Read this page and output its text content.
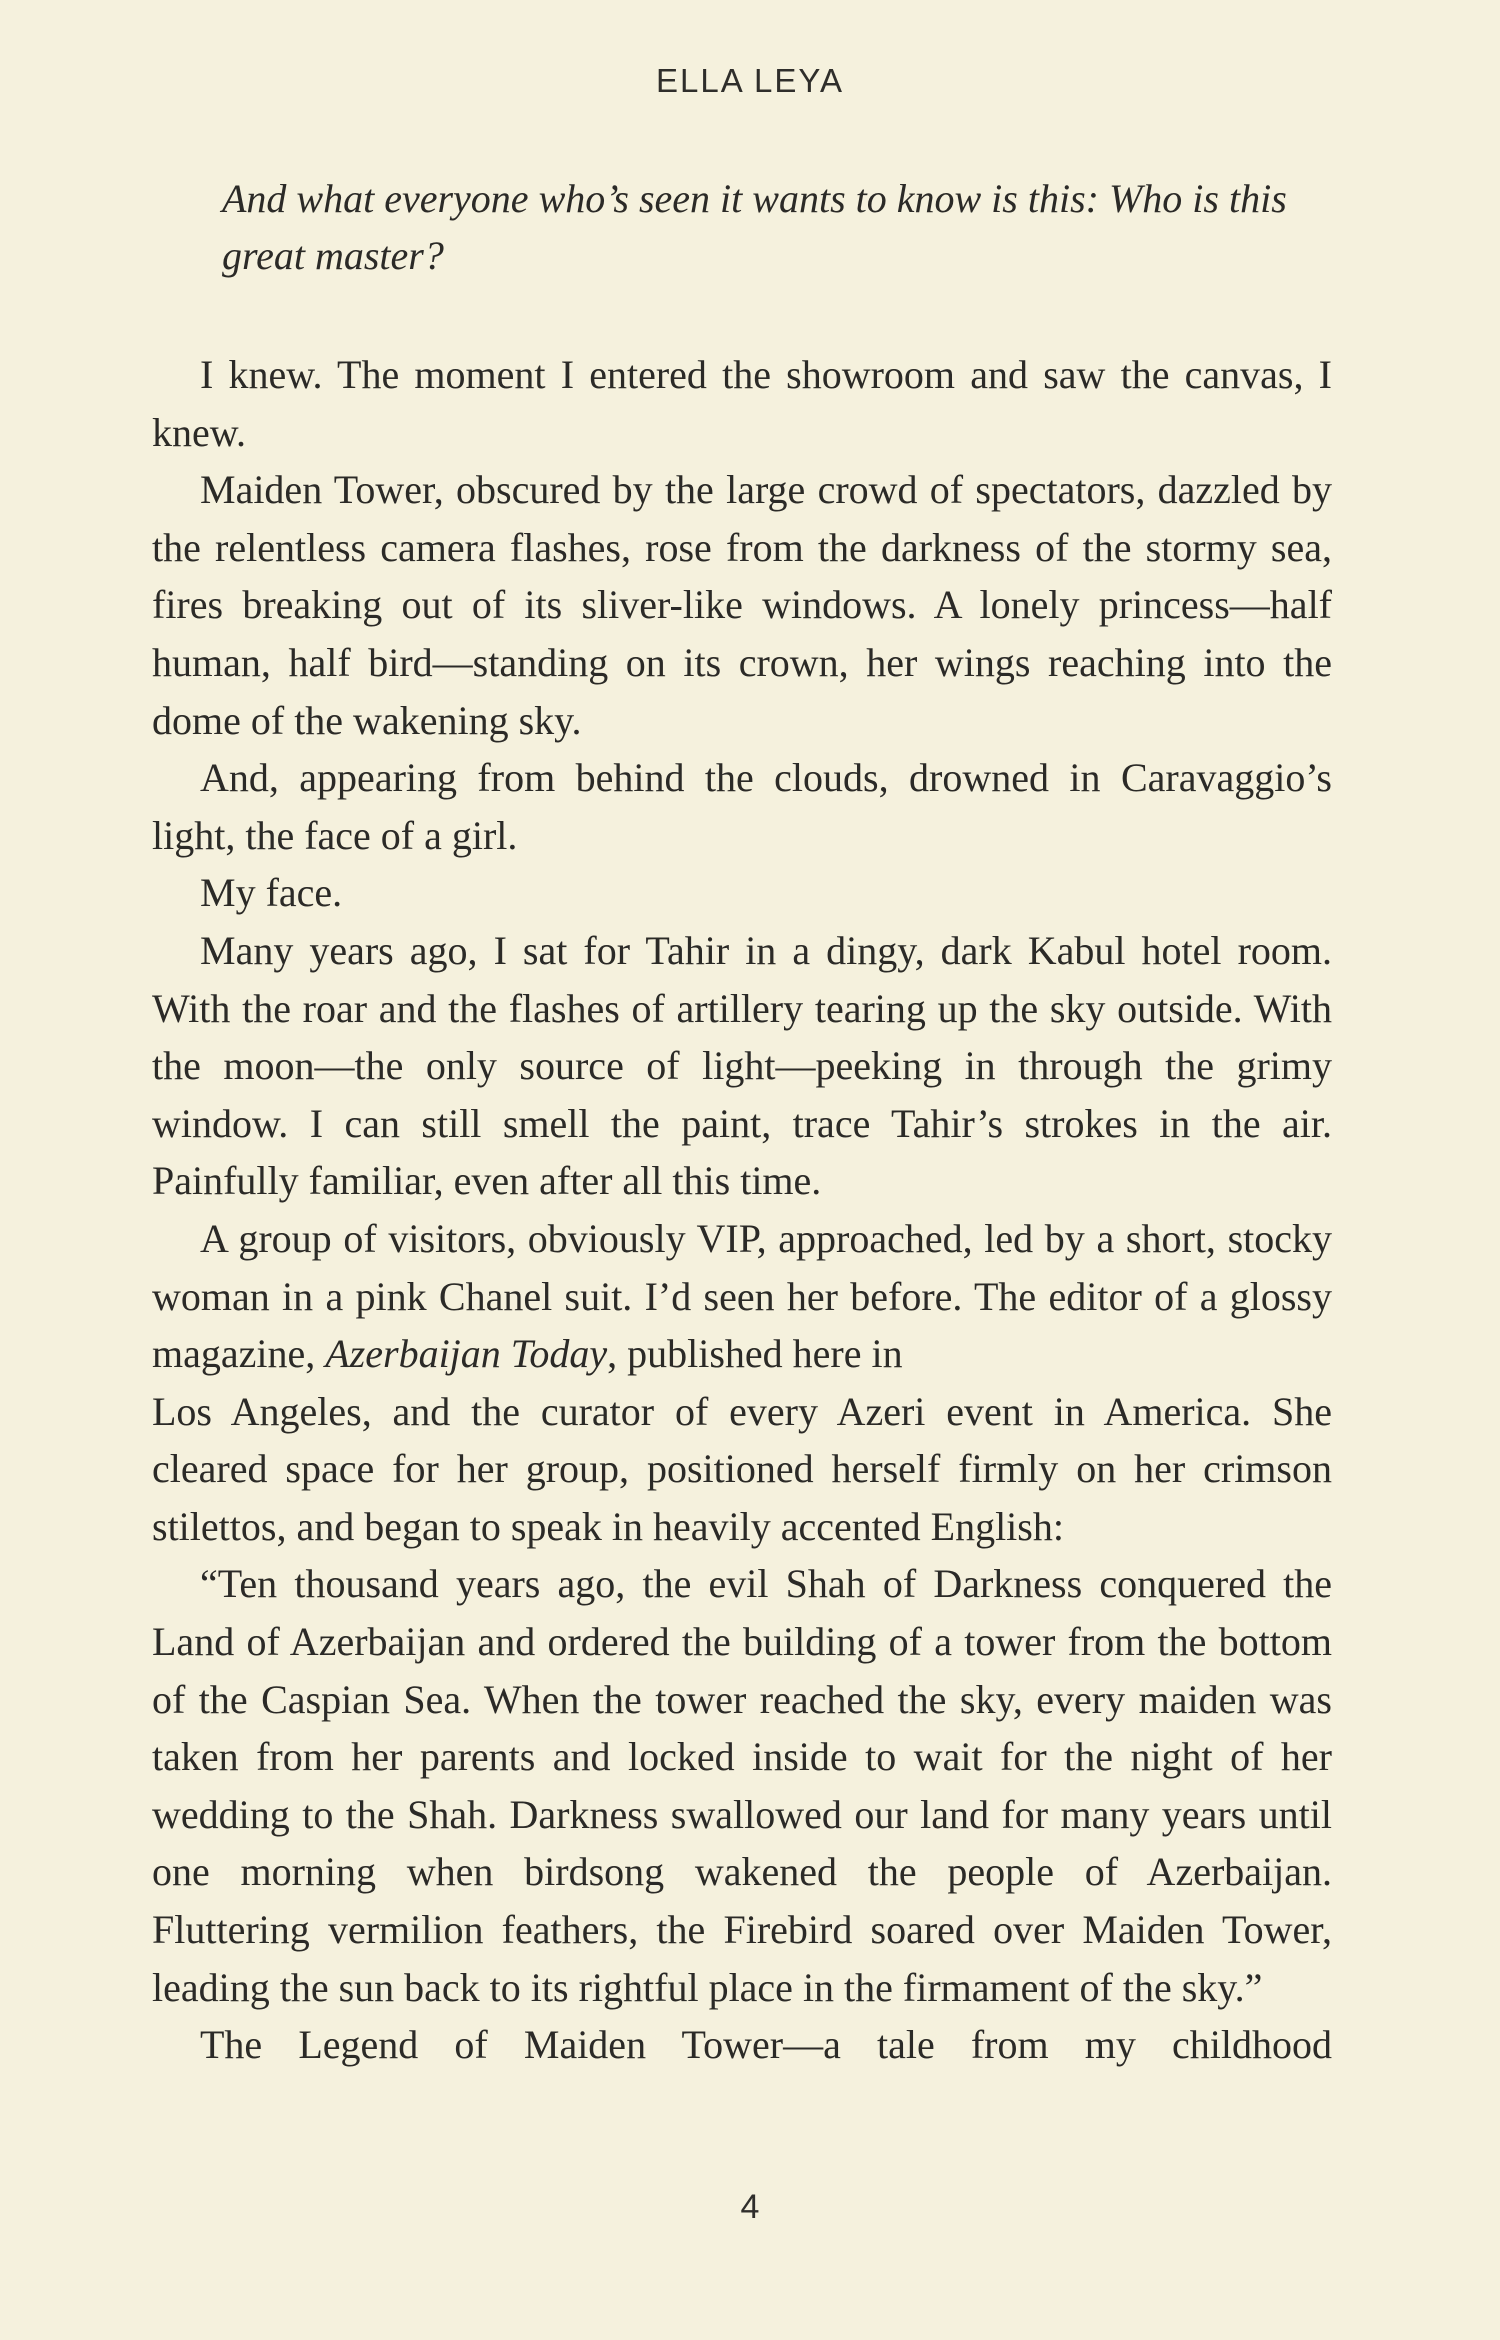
ELLA LEYA
And what everyone who’s seen it wants to know is this: Who is this great master?

I knew. The moment I entered the showroom and saw the canvas, I knew.

Maiden Tower, obscured by the large crowd of spectators, dazzled by the relentless camera flashes, rose from the darkness of the stormy sea, fires breaking out of its sliver-like windows. A lonely princess—half human, half bird—standing on its crown, her wings reaching into the dome of the wakening sky.

And, appearing from behind the clouds, drowned in Caravaggio’s light, the face of a girl.

My face.

Many years ago, I sat for Tahir in a dingy, dark Kabul hotel room. With the roar and the flashes of artillery tearing up the sky outside. With the moon—the only source of light—peeking in through the grimy window. I can still smell the paint, trace Tahir’s strokes in the air. Painfully familiar, even after all this time.

A group of visitors, obviously VIP, approached, led by a short, stocky woman in a pink Chanel suit. I’d seen her before. The editor of a glossy magazine, Azerbaijan Today, published here in

Los Angeles, and the curator of every Azeri event in America. She cleared space for her group, positioned herself firmly on her crimson stilettos, and began to speak in heavily accented English:

“Ten thousand years ago, the evil Shah of Darkness conquered the Land of Azerbaijan and ordered the building of a tower from the bottom of the Caspian Sea. When the tower reached the sky, every maiden was taken from her parents and locked inside to wait for the night of her wedding to the Shah. Darkness swallowed our land for many years until one morning when birdsong wakened the people of Azerbaijan. Fluttering vermilion feathers, the Firebird soared over Maiden Tower, leading the sun back to its rightful place in the firmament of the sky.”

The Legend of Maiden Tower—a tale from my childhood

4
